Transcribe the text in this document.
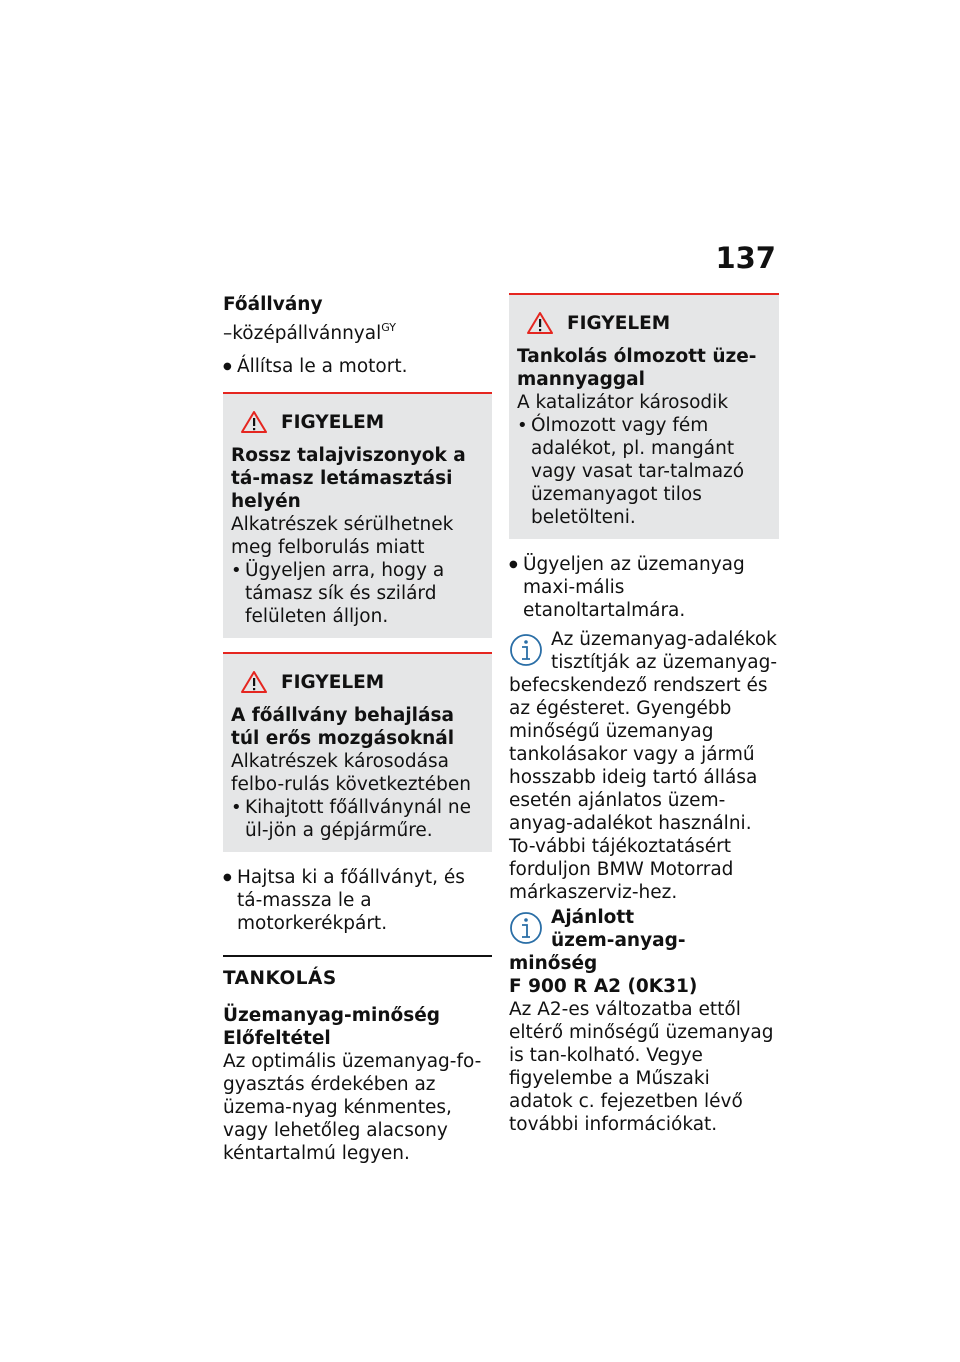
137
Főállvány
–középállvánnyal$^{GY}$
● Állítsa le a motort.
FIGYELEM
Rossz talajviszonyok a tá-masz letámasztási helyén
Alkatrészek sérülhetnek meg felborulás miatt
• Ügyeljen arra, hogy a támasz sík és szilárd felületen álljon.
FIGYELEM
A főállvány behajlása túl erős mozgásoknál
Alkatrészek károsodása felbo-rulás következtében
• Kihajtott főállványnál ne ül-jön a gépjárműre.
● Hajtsa ki a főállványt, és tá-massza le a motorkerékpárt.
TANKOLÁS
Üzemanyag-minőség
Előfeltétel
Az optimális üzemanyag-fo-gyasztás érdekében az üzema-nyag kénmentes, vagy lehetőleg alacsony kéntartalmú legyen.
FIGYELEM
Tankolás ólmozott üze-mannyaggal
A katalizátor károsodik
• Ólmozott vagy fém adalékot, pl. mangánt vagy vasat tar-talmazó üzemanyagot tilos beletölteni.
● Ügyeljen az üzemanyag maxi-mális etanoltartalmára.
Az üzemanyag-adalékok tisztítják az üzemanyag-befecskendező rendszert és az égésteret. Gyengébb minőségű üzemanyag tankolásakor vagy a jármű hosszabb ideig tartó állása esetén ajánlatos üzem-anyag-adalékot használni. To-vábbi tájékoztatásért forduljon BMW Motorrad márkaszerviz-hez.
Ajánlott üzem-anyag-minőség
F 900 R A2 (0K31)
Az A2-es változatba ettől eltérő minőségű üzemanyag is tan-kolható. Vegye figyelembe a Műszaki adatok c. fejezetben lévő további információkat.
